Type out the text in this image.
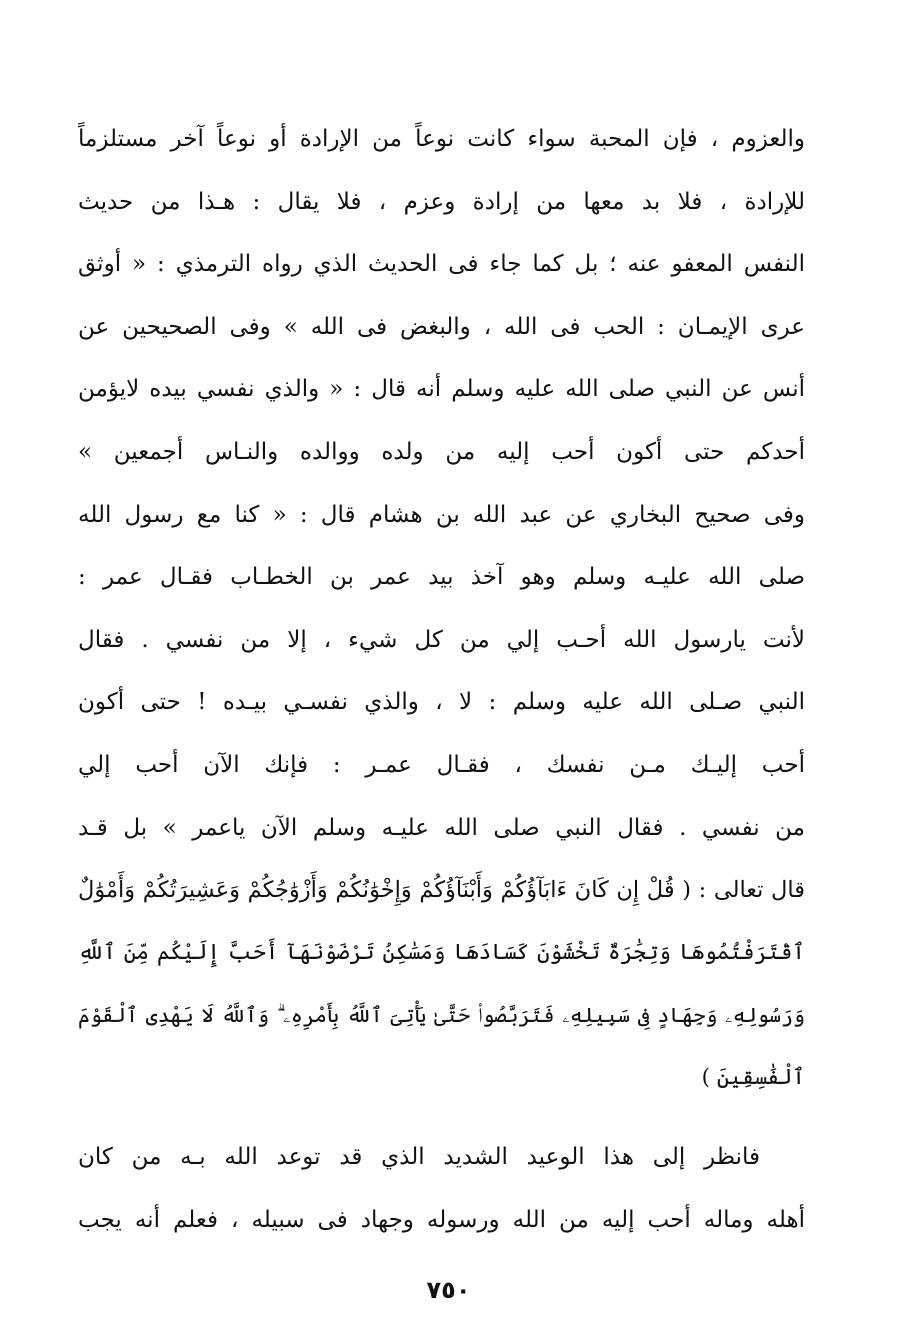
والعزوم ، فإن المحبة سواء كانت نوعاً من الإرادة أو نوعاً آخر مستلزماً
للإرادة ، فلا بد معها من إرادة وعزم ، فلا يقال : هـذا من حديث
النفس المعفو عنه ؛ بل كما جاء فى الحديث الذي رواه الترمذي : « أوثق
عرى الإيمـان : الحب فى الله ، والبغض فى الله » وفى الصحيحين عن
أنس عن النبي صلى الله عليه وسلم أنه قال : « والذي نفسي بيده لايؤمن
أحدكم حتى أكون أحب إليه من ولده ووالده والنـاس أجمعين »
وفى صحيح البخاري عن عبد الله بن هشام قال : « كنا مع رسول الله
صلى الله عليـه وسلم وهو آخذ بيد عمر بن الخطـاب فقـال عمر :
لأنت يارسول الله أحـب إلي من كل شيء ، إلا من نفسي . فقال
النبي صـلى الله عليه وسلم : لا ، والذي نفسـي بيـده ! حتى أكون
أحب إليـك مـن نفسك ، فقـال عمـر : فإنك الآن أحب إلي
من نفسي . فقال النبي صلى الله عليـه وسلم الآن ياعمر » بل قـد
قال تعالى : ( قُلْ إِن كَانَ ءَابَآؤُكُمْ وَأَبْنَآؤُكُمْ وَإِخْوَٰنُكُمْ وَأَزْوَٰجُكُمْ وَعَشِيرَتُكُمْ وَأَمْوَٰلٌ
ٱقْتَرَفْتُمُوهَا وَتِجَٰرَةٌ تَخْشَوْنَ كَسَادَهَا وَمَسَٰكِنُ تَرْضَوْنَهَآ أَحَبَّ إِلَيْكُم مِّنَ ٱللَّهِ
وَرَسُولِهِۦ وَجِهَادٍ فِى سَبِيلِهِۦ فَتَرَبَّصُوا۟ حَتَّىٰ يَأْتِىَ ٱللَّهُ بِأَمْرِهِۦ ۗ وَٱللَّهُ لَا يَهْدِى ٱلْقَوْمَ
ٱلْفَٰسِقِينَ )
فانظر إلى هذا الوعيد الشديد الذي قد توعد الله بـه من كان
أهله وماله أحب إليه من الله ورسوله وجهاد فى سبيله ، فعلم أنه يجب
٧٥٠
